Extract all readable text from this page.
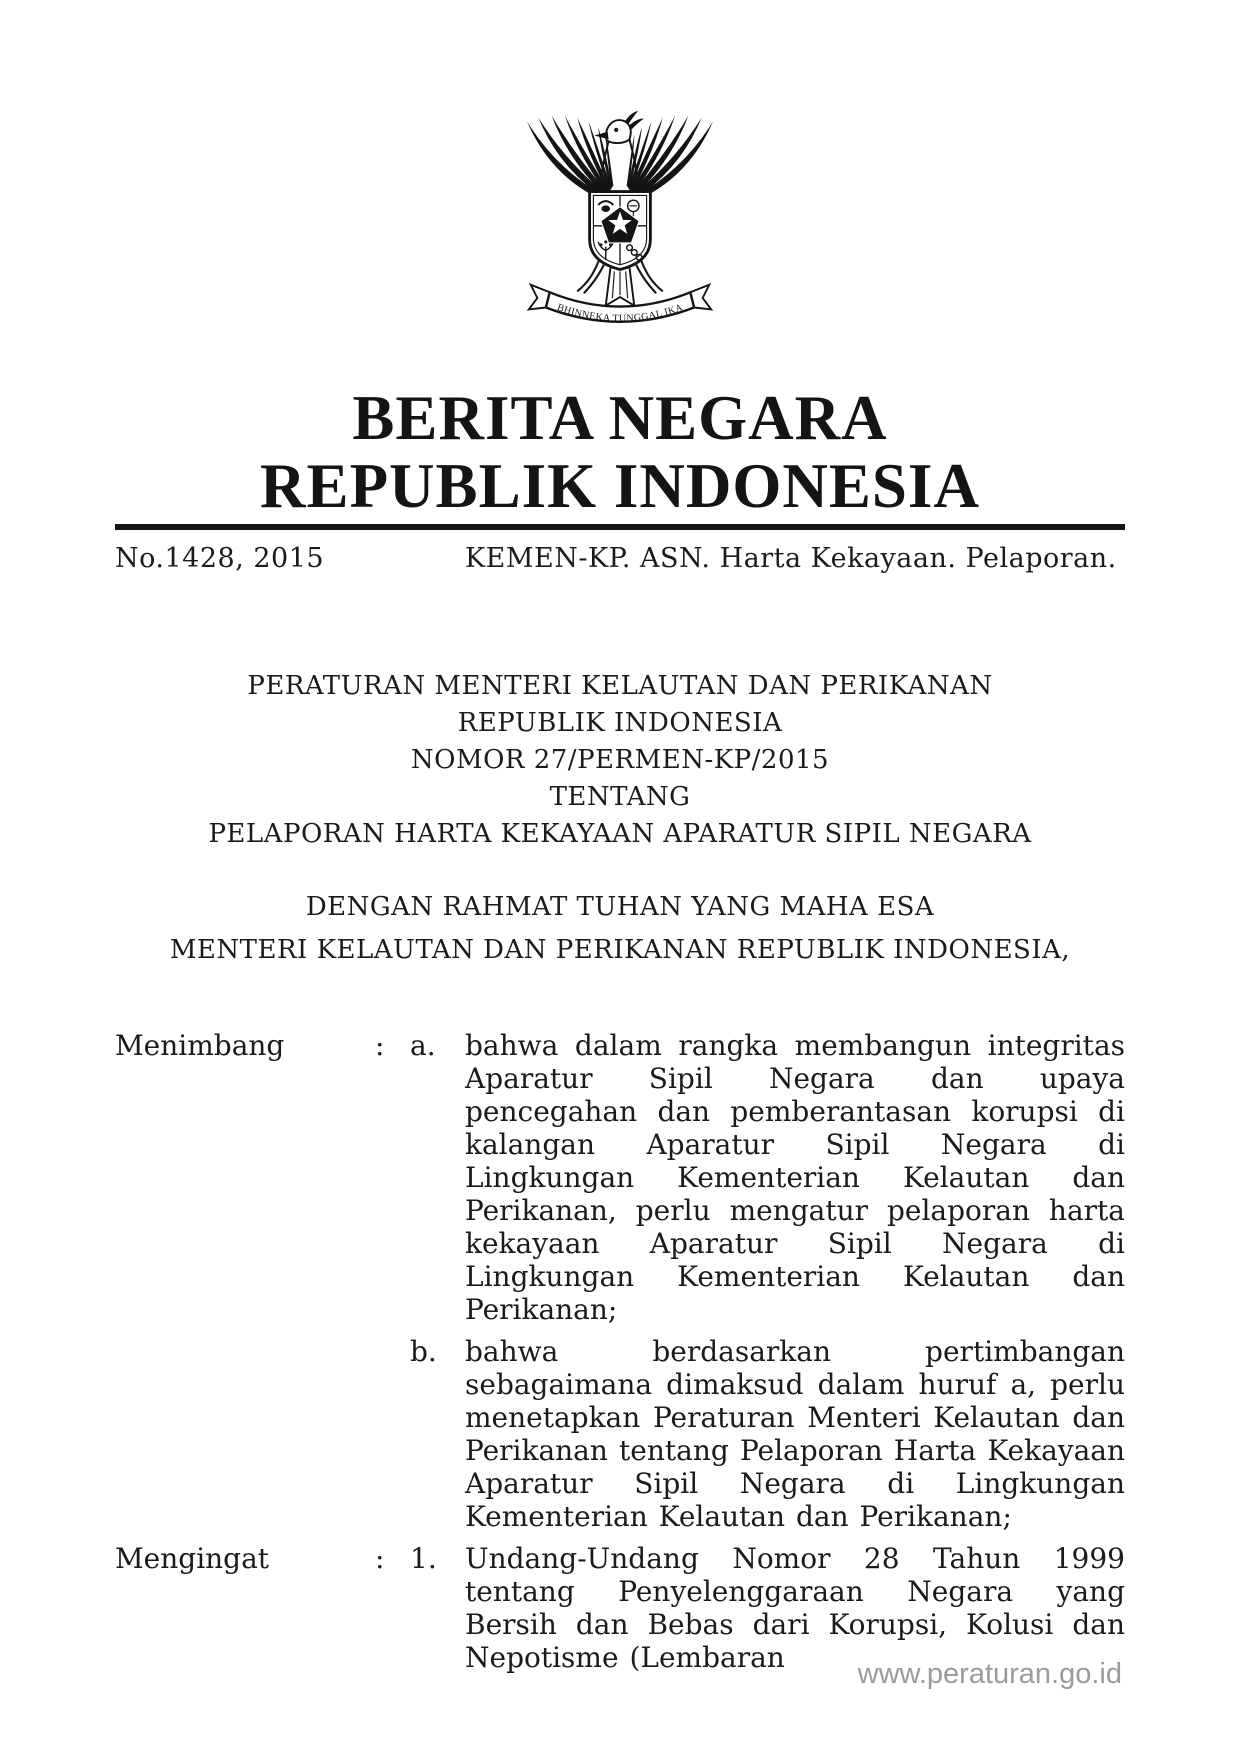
BHINNEKA TUNGGAL IKA
BERITA NEGARA
REPUBLIK INDONESIA
No.1428, 2015	KEMEN-KP. ASN. Harta Kekayaan. Pelaporan.
PERATURAN MENTERI KELAUTAN DAN PERIKANAN
REPUBLIK INDONESIA
NOMOR 27/PERMEN-KP/2015
TENTANG
PELAPORAN HARTA KEKAYAAN APARATUR SIPIL NEGARA
DENGAN RAHMAT TUHAN YANG MAHA ESA
MENTERI KELAUTAN DAN PERIKANAN REPUBLIK INDONESIA,
Menimbang	: a.	bahwa dalam rangka membangun integritas Aparatur Sipil Negara dan upaya pencegahan dan pemberantasan korupsi di kalangan Aparatur Sipil Negara di Lingkungan Kementerian Kelautan dan Perikanan, perlu mengatur pelaporan harta kekayaan Aparatur Sipil Negara di Lingkungan Kementerian Kelautan dan Perikanan;
b.	bahwa berdasarkan pertimbangan sebagaimana dimaksud dalam huruf a, perlu menetapkan Peraturan Menteri Kelautan dan Perikanan tentang Pelaporan Harta Kekayaan Aparatur Sipil Negara di Lingkungan Kementerian Kelautan dan Perikanan;
Mengingat	: 1.	Undang-Undang Nomor 28 Tahun 1999 tentang Penyelenggaraan Negara yang Bersih dan Bebas dari Korupsi, Kolusi dan Nepotisme (Lembaran	www.peraturan.go.id
